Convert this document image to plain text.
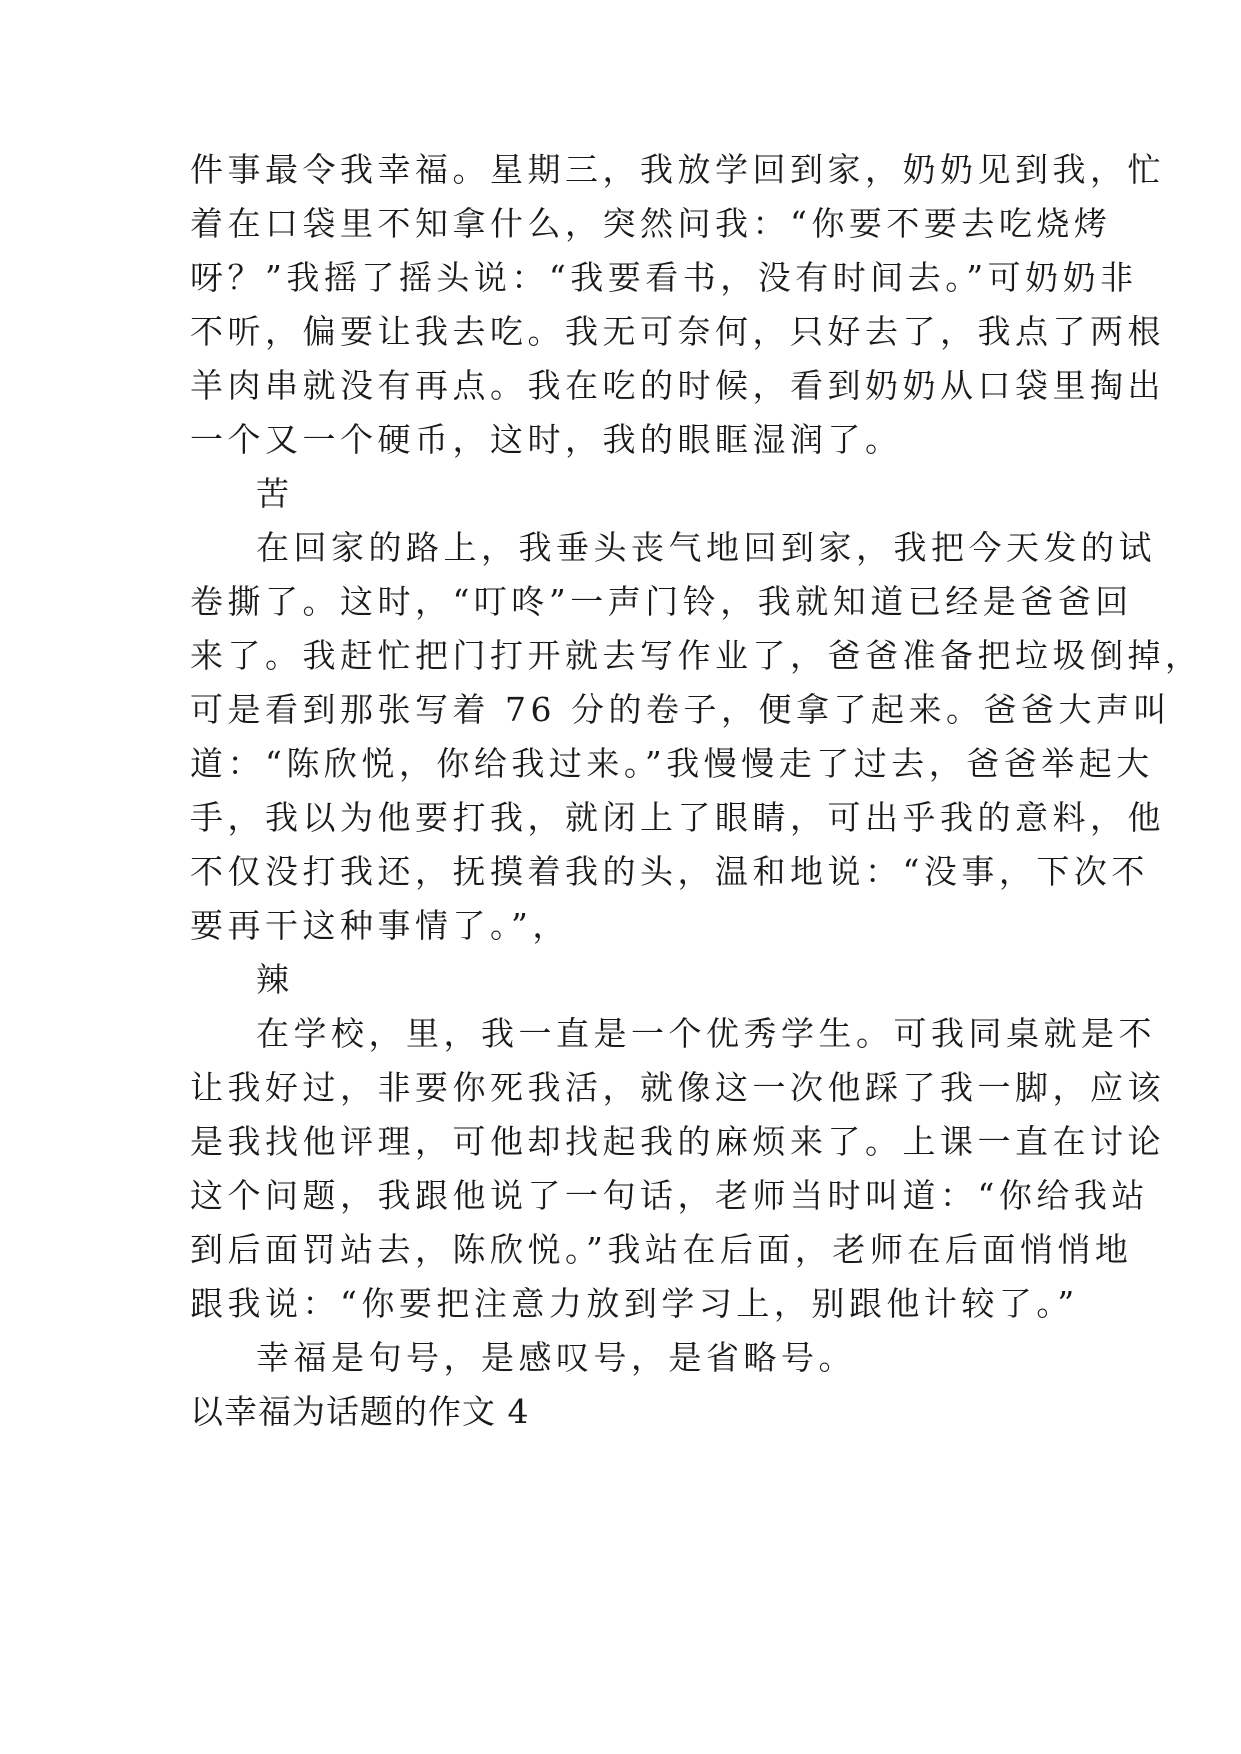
件事最令我幸福。星期三，我放学回到家，奶奶见到我，忙
着在口袋里不知拿什么，突然问我：“你要不要去吃烧烤
呀？”我摇了摇头说：“我要看书，没有时间去。”可奶奶非
不听，偏要让我去吃。我无可奈何，只好去了，我点了两根
羊肉串就没有再点。我在吃的时候，看到奶奶从口袋里掏出
一个又一个硬币，这时，我的眼眶湿润了。
苦
在回家的路上，我垂头丧气地回到家，我把今天发的试
卷撕了。这时，“叮咚”一声门铃，我就知道已经是爸爸回
来了。我赶忙把门打开就去写作业了，爸爸准备把垃圾倒掉，
可是看到那张写着 76 分的卷子，便拿了起来。爸爸大声叫
道：“陈欣悦，你给我过来。”我慢慢走了过去，爸爸举起大
手，我以为他要打我，就闭上了眼睛，可出乎我的意料，他
不仅没打我还，抚摸着我的头，温和地说：“没事，下次不
要再干这种事情了。”，
辣
在学校，里，我一直是一个优秀学生。可我同桌就是不
让我好过，非要你死我活，就像这一次他踩了我一脚，应该
是我找他评理，可他却找起我的麻烦来了。上课一直在讨论
这个问题，我跟他说了一句话，老师当时叫道：“你给我站
到后面罚站去，陈欣悦。”我站在后面，老师在后面悄悄地
跟我说：“你要把注意力放到学习上，别跟他计较了。”
幸福是句号，是感叹号，是省略号。
以幸福为话题的作文 4
